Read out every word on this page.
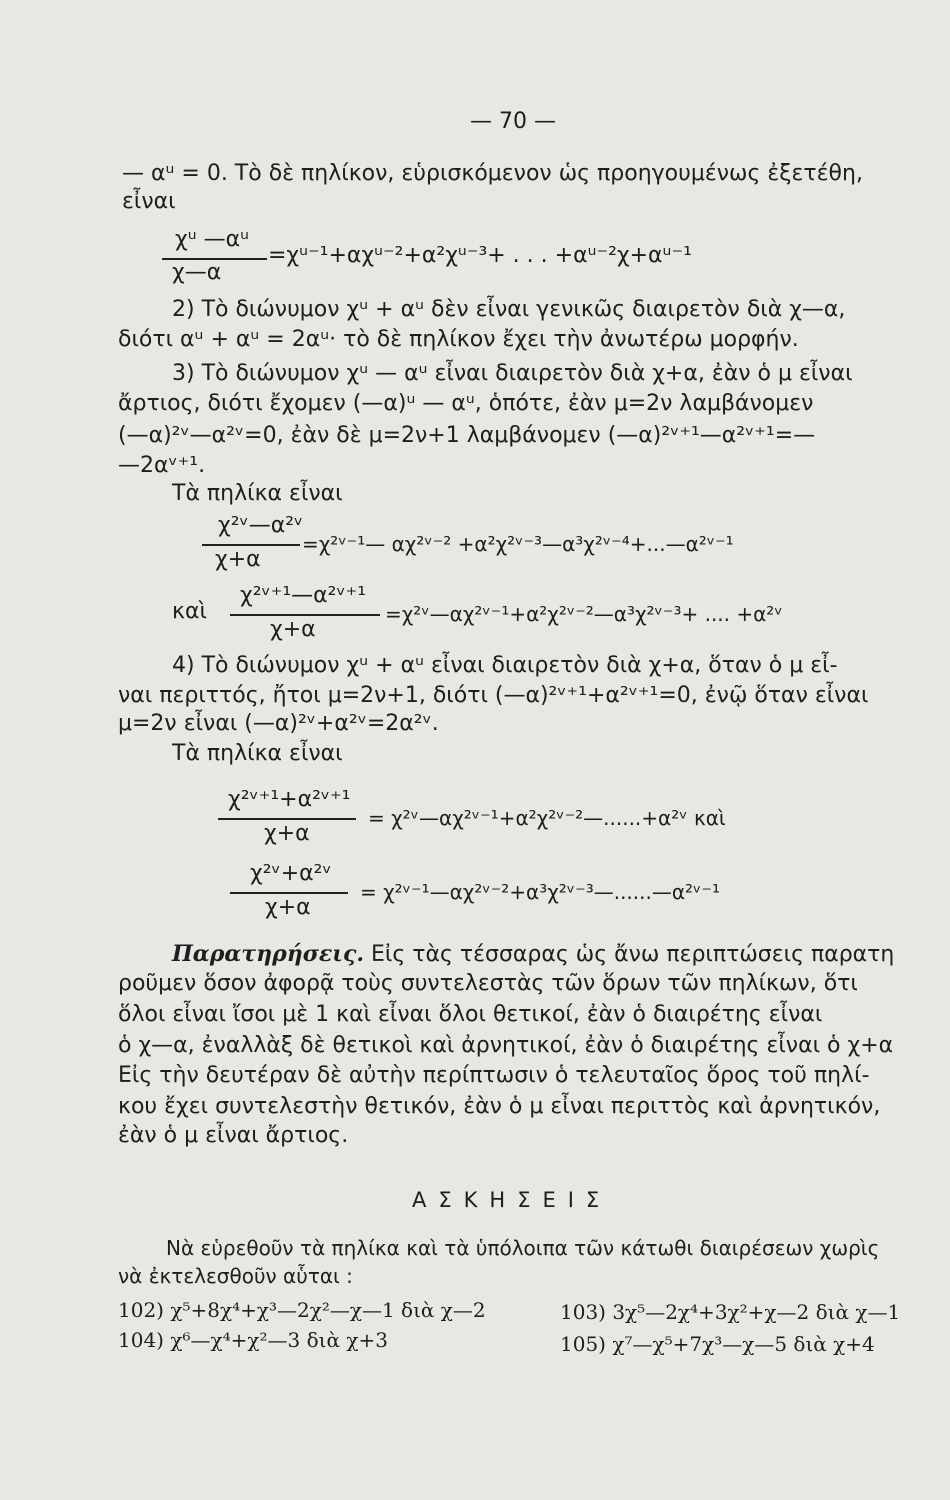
— 70 —
— αᵘ = 0. Τὸ δὲ πηλίκον, εὑρισκόμενον ὡς προηγουμένως ἐξετέθη,
εἶναι
χᵘ —αᵘ
χ—α
=χᵘ⁻¹+αχᵘ⁻²+α²χᵘ⁻³+ . . . +αᵘ⁻²χ+αᵘ⁻¹
2) Τὸ διώνυμον χᵘ + αᵘ δὲν εἶναι γενικῶς διαιρετὸν διὰ χ—α,
διότι αᵘ + αᵘ = 2αᵘ· τὸ δὲ πηλίκον ἔχει τὴν ἀνωτέρω μορφήν.
3) Τὸ διώνυμον χᵘ — αᵘ εἶναι διαιρετὸν διὰ χ+α, ἐὰν ὁ μ εἶναι
ἄρτιος, διότι ἔχομεν (—α)ᵘ — αᵘ, ὁπότε, ἐὰν μ=2ν λαμβάνομεν
(—α)²ᵛ—α²ᵛ=0, ἐὰν δὲ μ=2ν+1 λαμβάνομεν (—α)²ᵛ⁺¹—α²ᵛ⁺¹=—
—2αᵛ⁺¹.
Τὰ πηλίκα εἶναι
χ²ᵛ—α²ᵛ
χ+α
=χ²ᵛ⁻¹— αχ²ᵛ⁻² +α²χ²ᵛ⁻³—α³χ²ᵛ⁻⁴+...—α²ᵛ⁻¹
καὶ
χ²ᵛ⁺¹—α²ᵛ⁺¹
χ+α
=χ²ᵛ—αχ²ᵛ⁻¹+α²χ²ᵛ⁻²—α³χ²ᵛ⁻³+ .... +α²ᵛ
4) Τὸ διώνυμον χᵘ + αᵘ εἶναι διαιρετὸν διὰ χ+α, ὅταν ὁ μ εἶ-
ναι περιττός, ἤτοι μ=2ν+1, διότι (—α)²ᵛ⁺¹+α²ᵛ⁺¹=0, ἐνῷ ὅταν εἶναι
μ=2ν εἶναι (—α)²ᵛ+α²ᵛ=2α²ᵛ.
Τὰ πηλίκα εἶναι
χ²ᵛ⁺¹+α²ᵛ⁺¹
χ+α
= χ²ᵛ—αχ²ᵛ⁻¹+α²χ²ᵛ⁻²—......+α²ᵛ καὶ
χ²ᵛ+α²ᵛ
χ+α
= χ²ᵛ⁻¹—αχ²ᵛ⁻²+α³χ²ᵛ⁻³—......—α²ᵛ⁻¹
Παρατηρήσεις. Εἰς τὰς τέσσαρας ὡς ἄνω περιπτώσεις παρατη
ροῦμεν ὅσον ἀφορᾷ τοὺς συντελεστὰς τῶν ὅρων τῶν πηλίκων, ὅτι
ὅλοι εἶναι ἴσοι μὲ 1 καὶ εἶναι ὅλοι θετικοί, ἐὰν ὁ διαιρέτης εἶναι
ὁ χ—α, ἐναλλὰξ δὲ θετικοὶ καὶ ἀρνητικοί, ἐὰν ὁ διαιρέτης εἶναι ὁ χ+α
Εἰς τὴν δευτέραν δὲ αὐτὴν περίπτωσιν ὁ τελευταῖος ὅρος τοῦ πηλί-
κου ἔχει συντελεστὴν θετικόν, ἐὰν ὁ μ εἶναι περιττὸς καὶ ἀρνητικόν,
ἐὰν ὁ μ εἶναι ἄρτιος.
ΑΣΚΗΣΕΙΣ
Νὰ εὑρεθοῦν τὰ πηλίκα καὶ τὰ ὑπόλοιπα τῶν κάτωθι διαιρέσεων χωρὶς
νὰ ἐκτελεσθοῦν αὗται :
102) χ⁵+8χ⁴+χ³—2χ²—χ—1 διὰ χ—2	103) 3χ⁵—2χ⁴+3χ²+χ—2 διὰ χ—1
104) χ⁶—χ⁴+χ²—3 διὰ χ+3	105) χ⁷—χ⁵+7χ³—χ—5 διὰ χ+4
